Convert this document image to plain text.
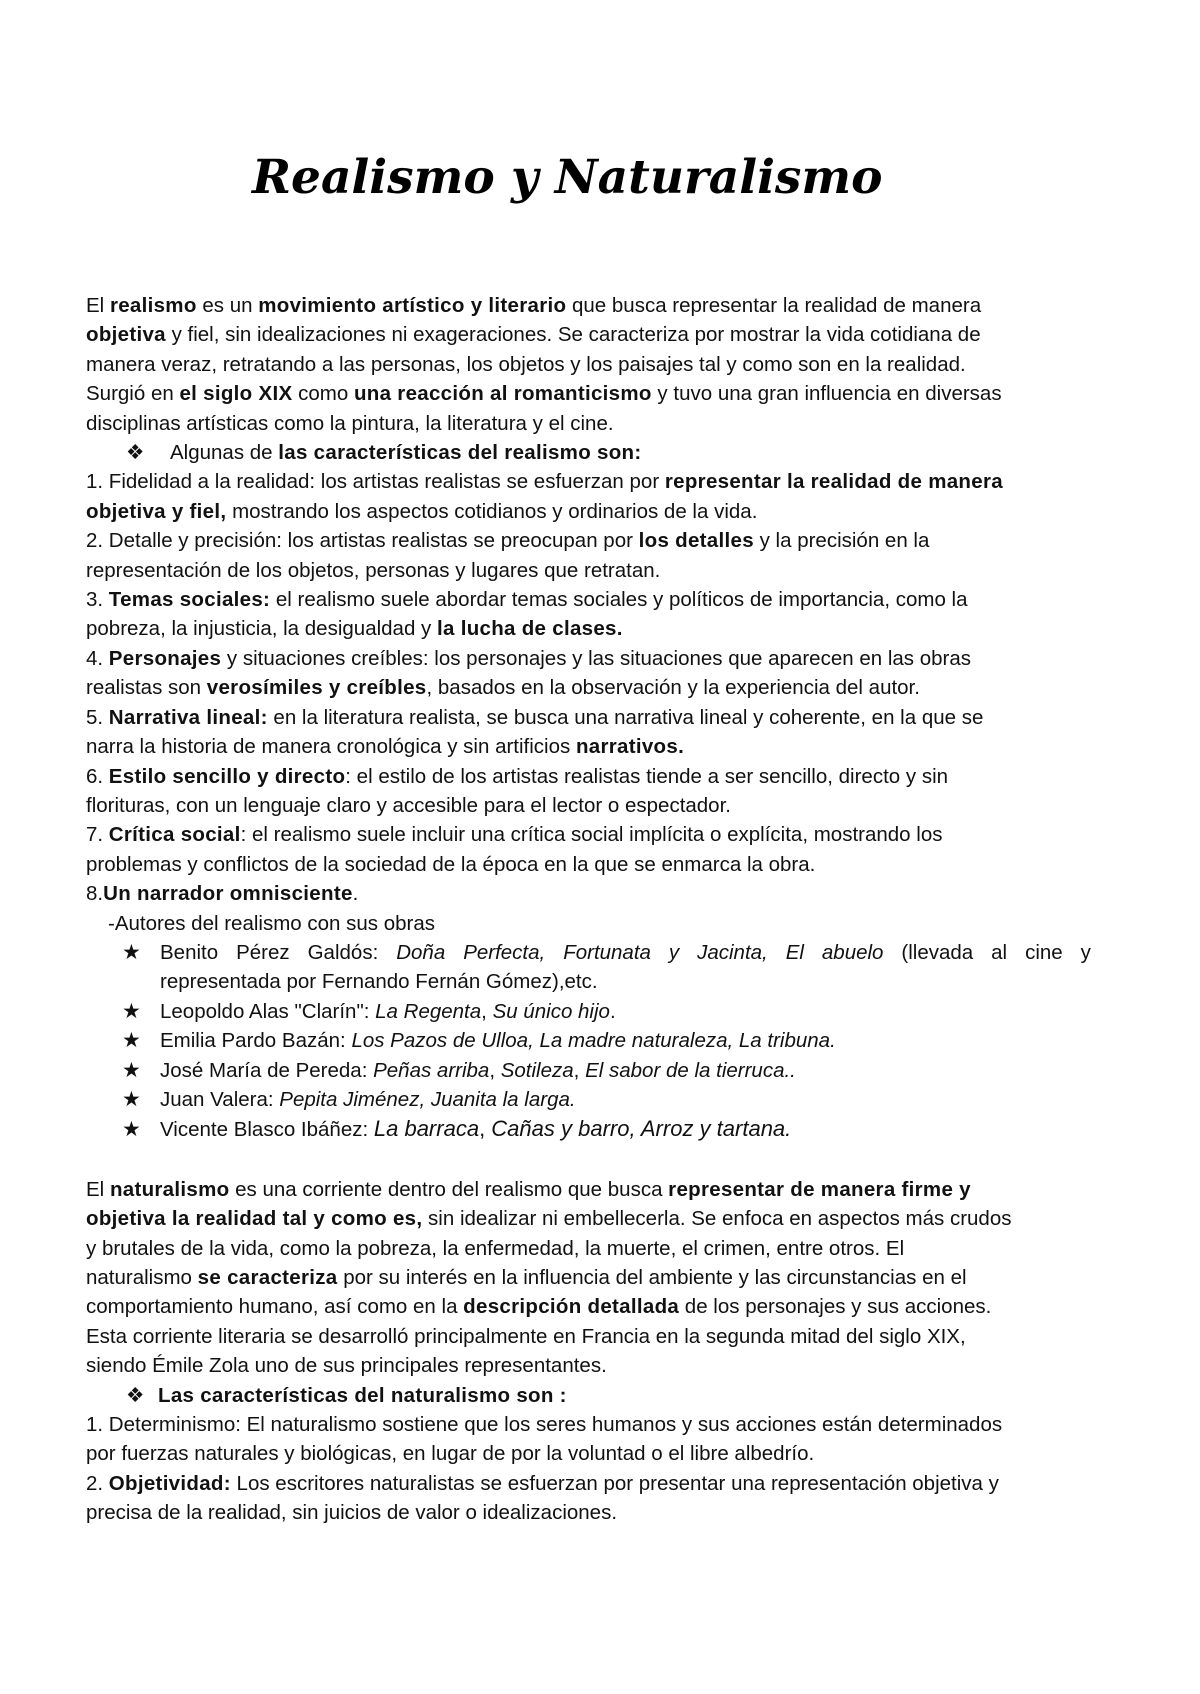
Realismo y Naturalismo
El realismo es un movimiento artístico y literario que busca representar la realidad de manera
objetiva y fiel, sin idealizaciones ni exageraciones. Se caracteriza por mostrar la vida cotidiana de
manera veraz, retratando a las personas, los objetos y los paisajes tal y como son en la realidad.
Surgió en el siglo XIX como una reacción al romanticismo y tuvo una gran influencia en diversas
disciplinas artísticas como la pintura, la literatura y el cine.
❖ Algunas de las características del realismo son:
1. Fidelidad a la realidad: los artistas realistas se esfuerzan por representar la realidad de manera
objetiva y fiel, mostrando los aspectos cotidianos y ordinarios de la vida.
2. Detalle y precisión: los artistas realistas se preocupan por los detalles y la precisión en la
representación de los objetos, personas y lugares que retratan.
3. Temas sociales: el realismo suele abordar temas sociales y políticos de importancia, como la
pobreza, la injusticia, la desigualdad y la lucha de clases.
4. Personajes y situaciones creíbles: los personajes y las situaciones que aparecen en las obras
realistas son verosímiles y creíbles, basados en la observación y la experiencia del autor.
5. Narrativa lineal: en la literatura realista, se busca una narrativa lineal y coherente, en la que se
narra la historia de manera cronológica y sin artificios narrativos.
6. Estilo sencillo y directo: el estilo de los artistas realistas tiende a ser sencillo, directo y sin
florituras, con un lenguaje claro y accesible para el lector o espectador.
7. Crítica social: el realismo suele incluir una crítica social implícita o explícita, mostrando los
problemas y conflictos de la sociedad de la época en la que se enmarca la obra.
8.Un narrador omnisciente.
-Autores del realismo con sus obras
★ Benito Pérez Galdós: Doña Perfecta, Fortunata y Jacinta, El abuelo (llevada al cine y
representada por Fernando Fernán Gómez),etc.
★ Leopoldo Alas "Clarín": La Regenta, Su único hijo.
★ Emilia Pardo Bazán: Los Pazos de Ulloa, La madre naturaleza, La tribuna.
★ José María de Pereda: Peñas arriba, Sotileza, El sabor de la tierruca..
★ Juan Valera: Pepita Jiménez, Juanita la larga.
★ Vicente Blasco Ibáñez: La barraca, Cañas y barro, Arroz y tartana.
El naturalismo es una corriente dentro del realismo que busca representar de manera firme y
objetiva la realidad tal y como es, sin idealizar ni embellecerla. Se enfoca en aspectos más crudos
y brutales de la vida, como la pobreza, la enfermedad, la muerte, el crimen, entre otros. El
naturalismo se caracteriza por su interés en la influencia del ambiente y las circunstancias en el
comportamiento humano, así como en la descripción detallada de los personajes y sus acciones.
Esta corriente literaria se desarrolló principalmente en Francia en la segunda mitad del siglo XIX,
siendo Émile Zola uno de sus principales representantes.
❖ Las características del naturalismo son :
1. Determinismo: El naturalismo sostiene que los seres humanos y sus acciones están determinados
por fuerzas naturales y biológicas, en lugar de por la voluntad o el libre albedrío.
2. Objetividad: Los escritores naturalistas se esfuerzan por presentar una representación objetiva y
precisa de la realidad, sin juicios de valor o idealizaciones.
